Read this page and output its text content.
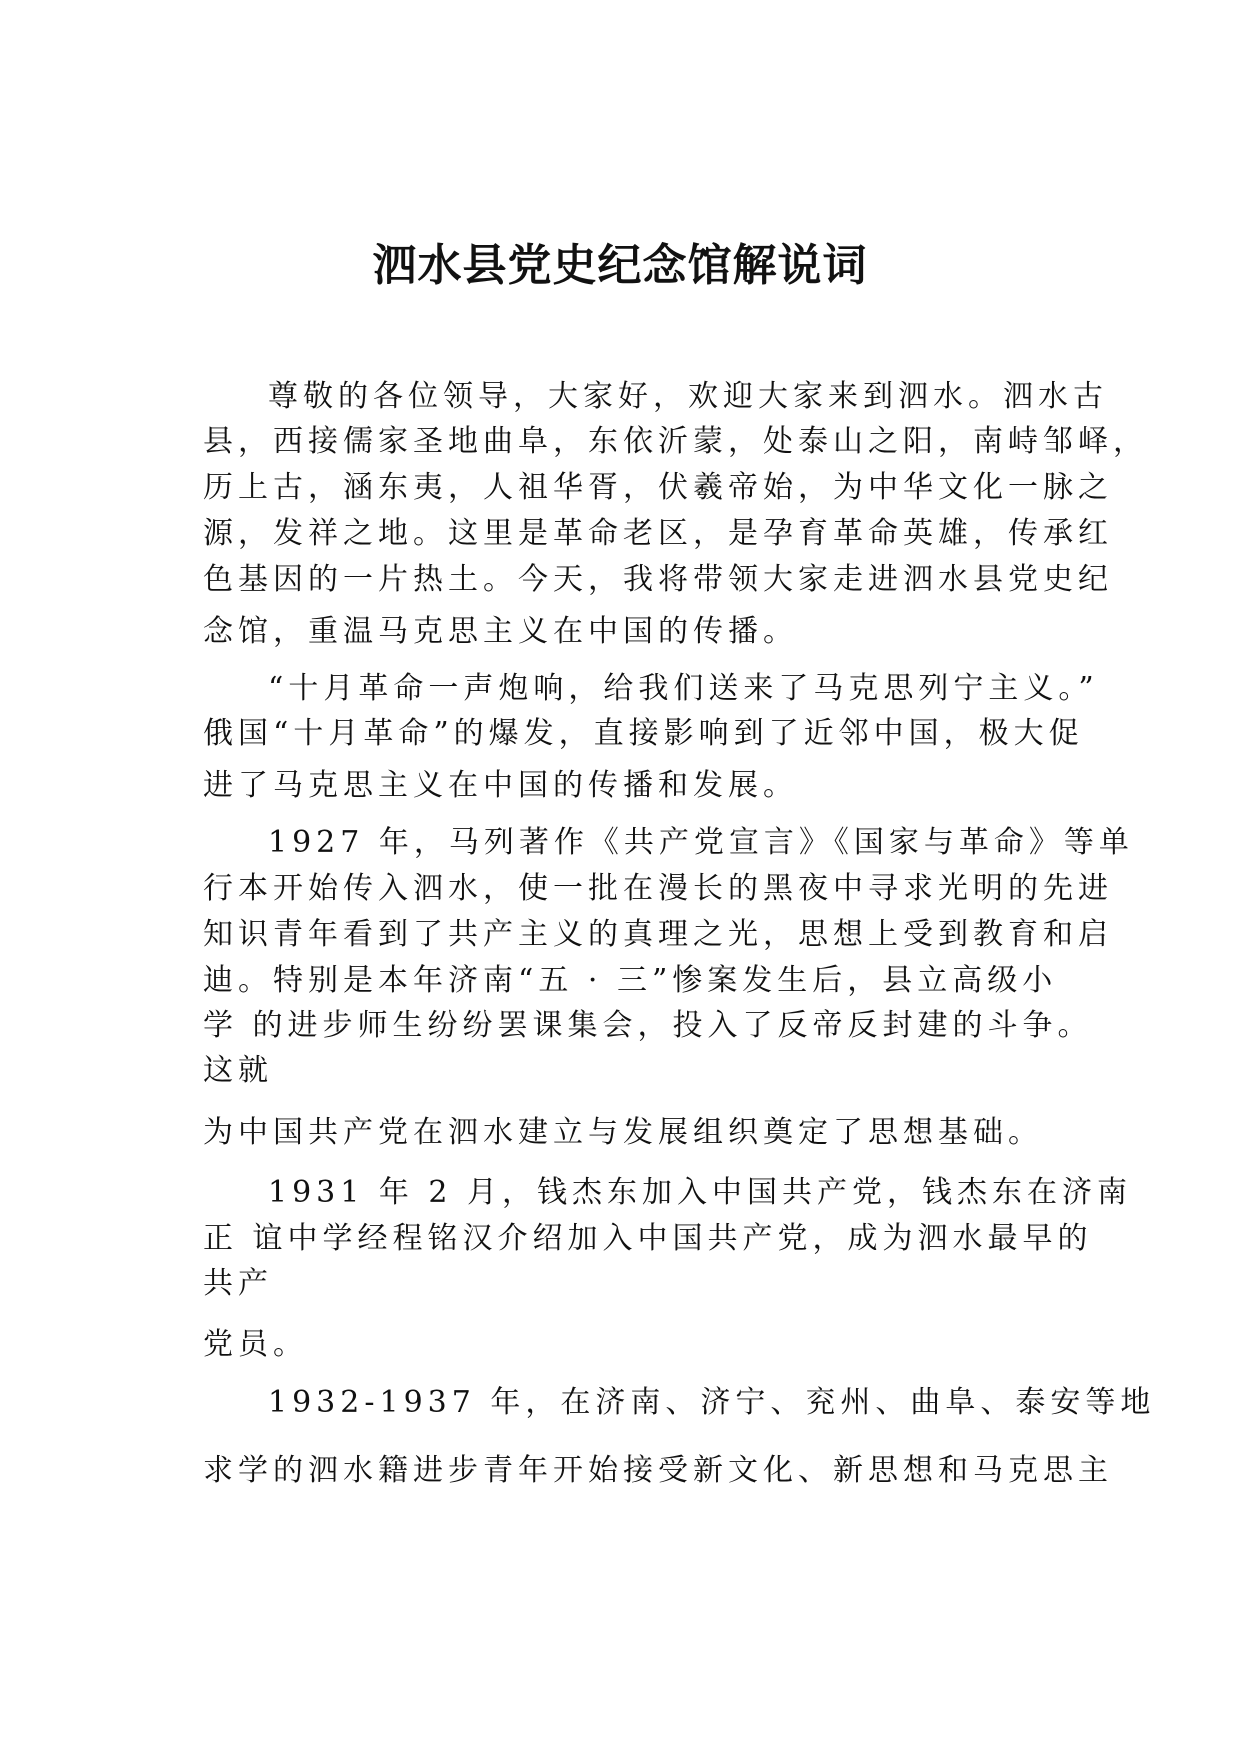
泗水县党史纪念馆解说词

尊敬的各位领导，大家好，欢迎大家来到泗水。泗水古

县，西接儒家圣地曲阜，东依沂蒙，处泰山之阳，南峙邹峄，

历上古，涵东夷，人祖华胥，伏羲帝始，为中华文化一脉之

源，发祥之地。这里是革命老区，是孕育革命英雄，传承红

色基因的一片热土。今天，我将带领大家走进泗水县党史纪

念馆，重温马克思主义在中国的传播。

“十月革命一声炮响，给我们送来了马克思列宁主义。”

俄国“十月革命”的爆发，直接影响到了近邻中国，极大促

进了马克思主义在中国的传播和发展。

1927 年，马列著作《共产党宣言》《国家与革命》等单

行本开始传入泗水，使一批在漫长的黑夜中寻求光明的先进

知识青年看到了共产主义的真理之光，思想上受到教育和启

迪。特别是本年济南“五 · 三”惨案发生后，县立高级小

学 的进步师生纷纷罢课集会，投入了反帝反封建的斗争。

这就

为中国共产党在泗水建立与发展组织奠定了思想基础。

1931 年 2 月，钱杰东加入中国共产党，钱杰东在济南

正 谊中学经程铭汉介绍加入中国共产党，成为泗水最早的

共产

党员。

1932-1937 年，在济南、济宁、兖州、曲阜、泰安等地

求学的泗水籍进步青年开始接受新文化、新思想和马克思主
